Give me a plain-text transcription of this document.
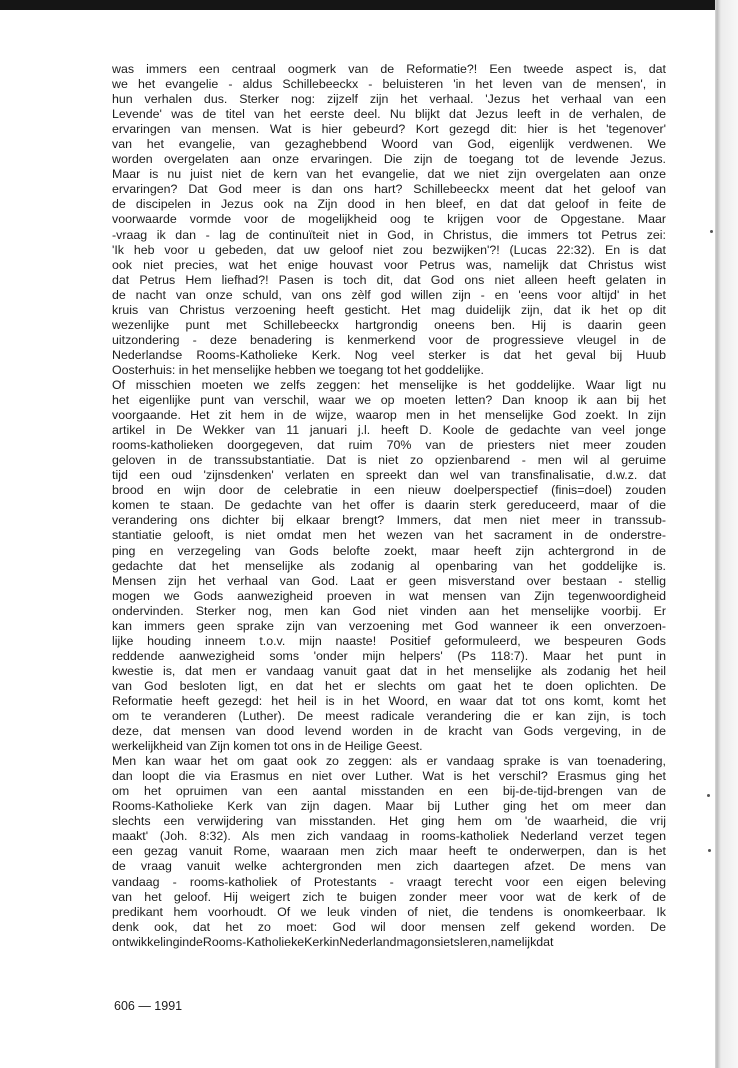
was immers een centraal oogmerk van de Reformatie?! Een tweede aspect is, dat
we het evangelie - aldus Schillebeeckx - beluisteren 'in het leven van de mensen', in
hun verhalen dus. Sterker nog: zijzelf zijn het verhaal. 'Jezus het verhaal van een
Levende' was de titel van het eerste deel. Nu blijkt dat Jezus leeft in de verhalen, de
ervaringen van mensen. Wat is hier gebeurd? Kort gezegd dit: hier is het 'tegenover'
van het evangelie, van gezaghebbend Woord van God, eigenlijk verdwenen. We
worden overgelaten aan onze ervaringen. Die zijn de toegang tot de levende Jezus.
Maar is nu juist niet de kern van het evangelie, dat we niet zijn overgelaten aan onze
ervaringen? Dat God meer is dan ons hart? Schillebeeckx meent dat het geloof van
de discipelen in Jezus ook na Zijn dood in hen bleef, en dat dat geloof in feite de
voorwaarde vormde voor de mogelijkheid oog te krijgen voor de Opgestane. Maar
-vraag ik dan - lag de continuïteit niet in God, in Christus, die immers tot Petrus zei:
'Ik heb voor u gebeden, dat uw geloof niet zou bezwijken'?! (Lucas 22:32). En is dat
ook niet precies, wat het enige houvast voor Petrus was, namelijk dat Christus wist
dat Petrus Hem liefhad?! Pasen is toch dit, dat God ons niet alleen heeft gelaten in
de nacht van onze schuld, van ons zèlf god willen zijn - en 'eens voor altijd' in het
kruis van Christus verzoening heeft gesticht. Het mag duidelijk zijn, dat ik het op dit
wezenlijke punt met Schillebeeckx hartgrondig oneens ben. Hij is daarin geen
uitzondering - deze benadering is kenmerkend voor de progressieve vleugel in de
Nederlandse Rooms-Katholieke Kerk. Nog veel sterker is dat het geval bij Huub
Oosterhuis: in het menselijke hebben we toegang tot het goddelijke.
Of misschien moeten we zelfs zeggen: het menselijke is het goddelijke. Waar ligt nu
het eigenlijke punt van verschil, waar we op moeten letten? Dan knoop ik aan bij het
voorgaande. Het zit hem in de wijze, waarop men in het menselijke God zoekt. In zijn
artikel in De Wekker van 11 januari j.l. heeft D. Koole de gedachte van veel jonge
rooms-katholieken doorgegeven, dat ruim 70% van de priesters niet meer zouden
geloven in de transsubstantiatie. Dat is niet zo opzienbarend - men wil al geruime
tijd een oud 'zijnsdenken' verlaten en spreekt dan wel van transfinalisatie, d.w.z. dat
brood en wijn door de celebratie in een nieuw doelperspectief (finis=doel) zouden
komen te staan. De gedachte van het offer is daarin sterk gereduceerd, maar of die
verandering ons dichter bij elkaar brengt? Immers, dat men niet meer in transsub-
stantiatie gelooft, is niet omdat men het wezen van het sacrament in de onderstre-
ping en verzegeling van Gods belofte zoekt, maar heeft zijn achtergrond in de
gedachte dat het menselijke als zodanig al openbaring van het goddelijke is.
Mensen zijn het verhaal van God. Laat er geen misverstand over bestaan - stellig
mogen we Gods aanwezigheid proeven in wat mensen van Zijn tegenwoordigheid
ondervinden. Sterker nog, men kan God niet vinden aan het menselijke voorbij. Er
kan immers geen sprake zijn van verzoening met God wanneer ik een onverzoen-
lijke houding inneem t.o.v. mijn naaste! Positief geformuleerd, we bespeuren Gods
reddende aanwezigheid soms 'onder mijn helpers' (Ps 118:7). Maar het punt in
kwestie is, dat men er vandaag vanuit gaat dat in het menselijke als zodanig het heil
van God besloten ligt, en dat het er slechts om gaat het te doen oplichten. De
Reformatie heeft gezegd: het heil is in het Woord, en waar dat tot ons komt, komt het
om te veranderen (Luther). De meest radicale verandering die er kan zijn, is toch
deze, dat mensen van dood levend worden in de kracht van Gods vergeving, in de
werkelijkheid van Zijn komen tot ons in de Heilige Geest.
Men kan waar het om gaat ook zo zeggen: als er vandaag sprake is van toenadering,
dan loopt die via Erasmus en niet over Luther. Wat is het verschil? Erasmus ging het
om het opruimen van een aantal misstanden en een bij-de-tijd-brengen van de
Rooms-Katholieke Kerk van zijn dagen. Maar bij Luther ging het om meer dan
slechts een verwijdering van misstanden. Het ging hem om 'de waarheid, die vrij
maakt' (Joh. 8:32). Als men zich vandaag in rooms-katholiek Nederland verzet tegen
een gezag vanuit Rome, waaraan men zich maar heeft te onderwerpen, dan is het
de vraag vanuit welke achtergronden men zich daartegen afzet. De mens van
vandaag - rooms-katholiek of Protestants - vraagt terecht voor een eigen beleving
van het geloof. Hij weigert zich te buigen zonder meer voor wat de kerk of de
predikant hem voorhoudt. Of we leuk vinden of niet, die tendens is onomkeerbaar. Ik
denk ook, dat het zo moet: God wil door mensen zelf gekend worden. De
ontwikkelingindeRooms-KatholiekeKerkinNederlandmagonsietsleren,namelijkdat
606 — 1991
